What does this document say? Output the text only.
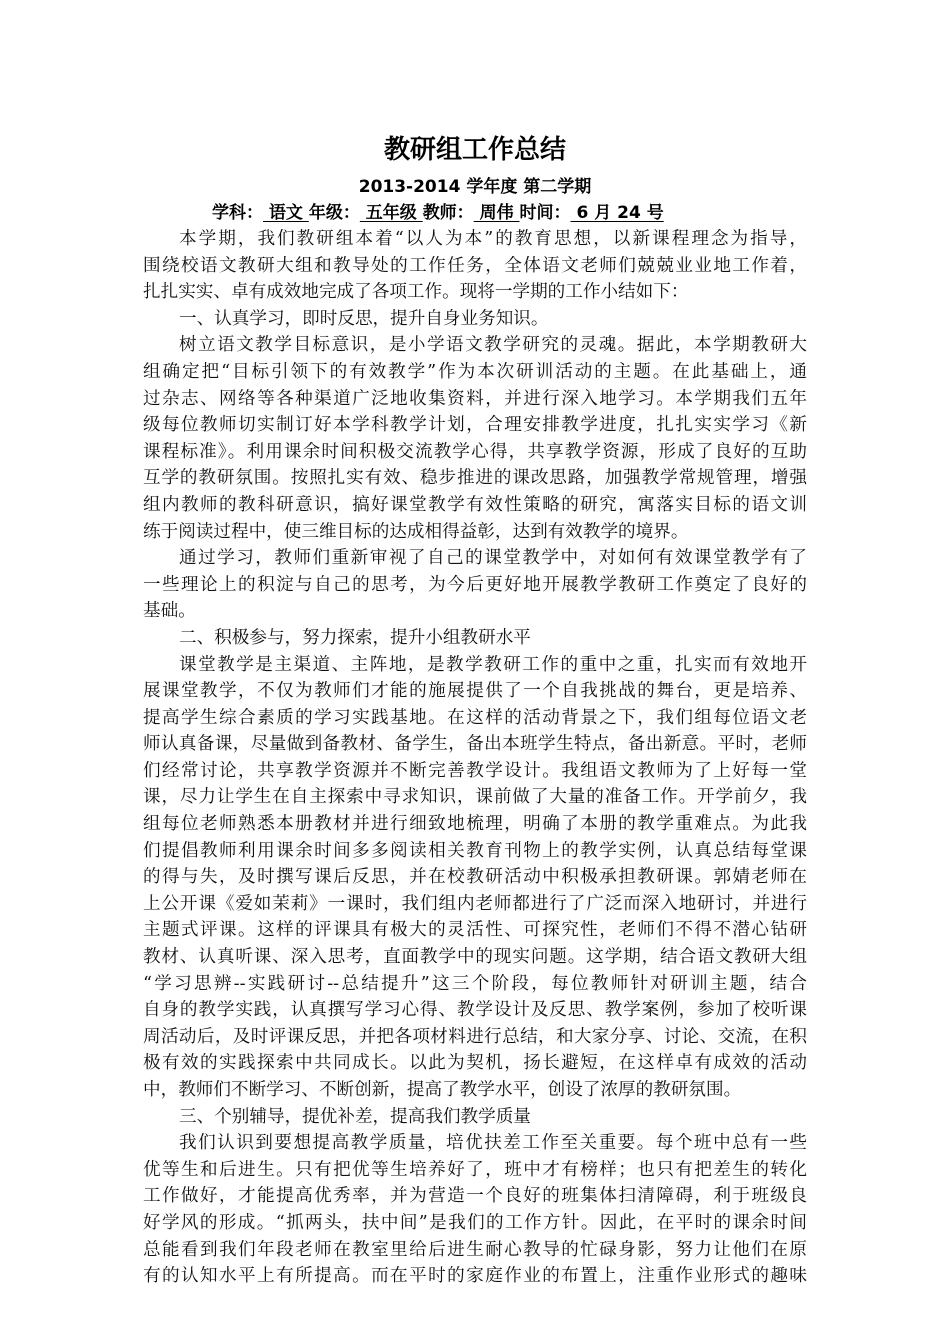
教研组工作总结
2013-2014 学年度 第二学期
学科： 语文 年级： 五年级 教师： 周伟 时间： 6 月 24 号
本学期，我们教研组本着“以人为本”的教育思想，以新课程理念为指导，
围绕校语文教研大组和教导处的工作任务，全体语文老师们兢兢业业地工作着，
扎扎实实、卓有成效地完成了各项工作。现将一学期的工作小结如下：
一、认真学习，即时反思，提升自身业务知识。
树立语文教学目标意识，是小学语文教学研究的灵魂。据此，本学期教研大
组确定把“目标引领下的有效教学”作为本次研训活动的主题。在此基础上，通
过杂志、网络等各种渠道广泛地收集资料，并进行深入地学习。本学期我们五年
级每位教师切实制订好本学科教学计划，合理安排教学进度，扎扎实实学习《新
课程标准》。利用课余时间积极交流教学心得，共享教学资源，形成了良好的互助
互学的教研氛围。按照扎实有效、稳步推进的课改思路，加强教学常规管理，增强
组内教师的教科研意识，搞好课堂教学有效性策略的研究，寓落实目标的语文训
练于阅读过程中，使三维目标的达成相得益彰，达到有效教学的境界。
通过学习，教师们重新审视了自己的课堂教学中，对如何有效课堂教学有了
一些理论上的积淀与自己的思考，为今后更好地开展教学教研工作奠定了良好的
基础。
二、积极参与，努力探索，提升小组教研水平
课堂教学是主渠道、主阵地，是教学教研工作的重中之重，扎实而有效地开
展课堂教学，不仅为教师们才能的施展提供了一个自我挑战的舞台，更是培养、
提高学生综合素质的学习实践基地。在这样的活动背景之下，我们组每位语文老
师认真备课，尽量做到备教材、备学生，备出本班学生特点，备出新意。平时，老师
们经常讨论，共享教学资源并不断完善教学设计。我组语文教师为了上好每一堂
课，尽力让学生在自主探索中寻求知识，课前做了大量的准备工作。开学前夕，我
组每位老师熟悉本册教材并进行细致地梳理，明确了本册的教学重难点。为此我
们提倡教师利用课余时间多多阅读相关教育刊物上的教学实例，认真总结每堂课
的得与失，及时撰写课后反思，并在校教研活动中积极承担教研课。郭婧老师在
上公开课《爱如茉莉》一课时，我们组内老师都进行了广泛而深入地研讨，并进行
主题式评课。这样的评课具有极大的灵活性、可探究性，老师们不得不潜心钻研
教材、认真听课、深入思考，直面教学中的现实问题。这学期，结合语文教研大组
“学习思辨--实践研讨--总结提升”这三个阶段，每位教师针对研训主题，结合
自身的教学实践，认真撰写学习心得、教学设计及反思、教学案例，参加了校听课
周活动后，及时评课反思，并把各项材料进行总结，和大家分享、讨论、交流，在积
极有效的实践探索中共同成长。以此为契机，扬长避短，在这样卓有成效的活动
中，教师们不断学习、不断创新，提高了教学水平，创设了浓厚的教研氛围。
三、个别辅导，提优补差，提高我们教学质量
我们认识到要想提高教学质量，培优扶差工作至关重要。每个班中总有一些
优等生和后进生。只有把优等生培养好了，班中才有榜样；也只有把差生的转化
工作做好，才能提高优秀率，并为营造一个良好的班集体扫清障碍，利于班级良
好学风的形成。“抓两头，扶中间”是我们的工作方针。因此，在平时的课余时间
总能看到我们年段老师在教室里给后进生耐心教导的忙碌身影，努力让他们在原
有的认知水平上有所提高。而在平时的家庭作业的布置上，注重作业形式的趣味
